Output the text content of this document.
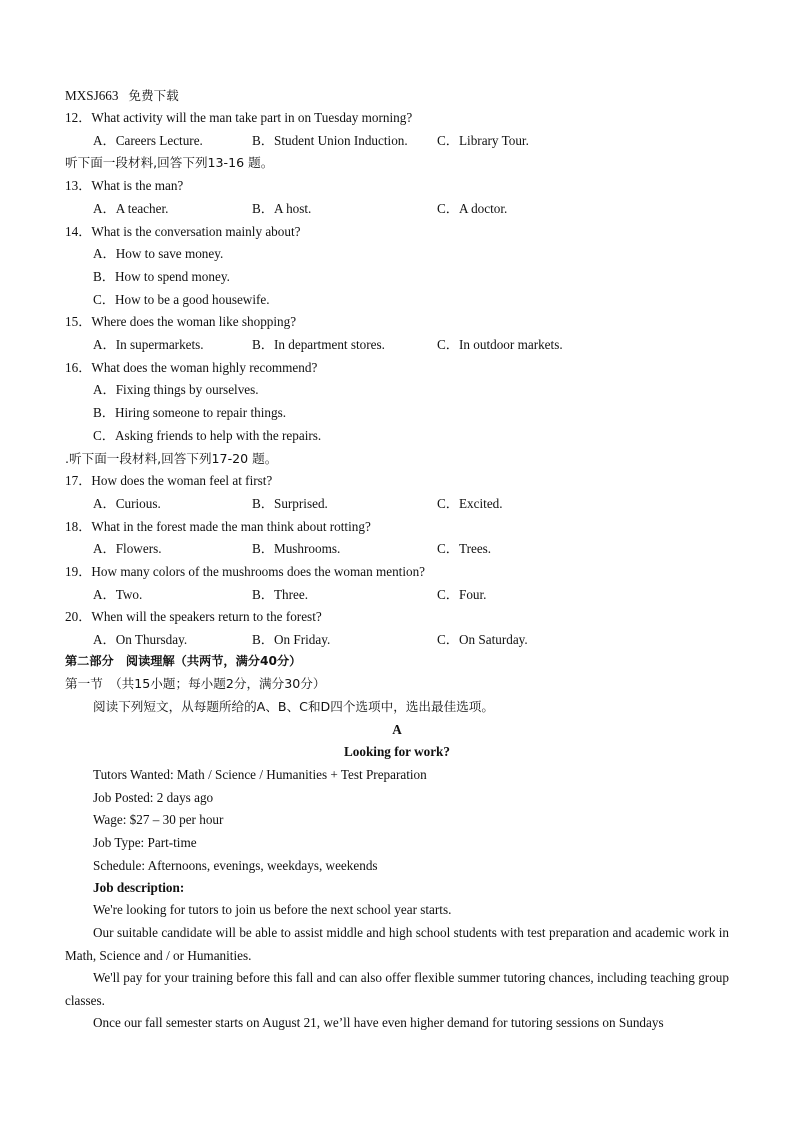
MXSJ663 免费下载
12．What activity will the man take part in on Tuesday morning?
A．Careers Lecture.	B．Student Union Induction. C．Library Tour.
听下面一段材料,回答下列13-16 题。
13．What is the man?
A．A teacher.	B．A host.	C．A doctor.
14．What is the conversation mainly about?
A．How to save money.
B．How to spend money.
C．How to be a good housewife.
15．Where does the woman like shopping?
A．In supermarkets.	B．In department stores.	C．In outdoor markets.
16．What does the woman highly recommend?
A．Fixing things by ourselves.
B．Hiring someone to repair things.
C．Asking friends to help with the repairs.
.听下面一段材料,回答下列17-20 题。
17．How does the woman feel at first?
A．Curious.	B．Surprised.	C．Excited.
18．What in the forest made the man think about rotting?
A．Flowers.	B．Mushrooms.	C．Trees.
19．How many colors of the mushrooms does the woman mention?
A．Two.	B．Three.	C．Four.
20．When will the speakers return to the forest?
A．On Thursday.	B．On Friday.	C．On Saturday.
第二部分　阅读理解（共两节，满分40分）
第一节　（共15小题；每小题2分，满分30分）
阅读下列短文，从每题所给的A、B、C和D四个选项中，选出最佳选项。
A
Looking for work?
Tutors Wanted: Math / Science / Humanities + Test Preparation
Job Posted: 2 days ago
Wage: $27 – 30 per hour
Job Type: Part-time
Schedule: Afternoons, evenings, weekdays, weekends
Job description:
We're looking for tutors to join us before the next school year starts.
Our suitable candidate will be able to assist middle and high school students with test preparation and academic work in Math, Science and / or Humanities.
We'll pay for your training before this fall and can also offer flexible summer tutoring chances, including teaching group classes.
Once our fall semester starts on August 21, we’ll have even higher demand for tutoring sessions on Sundays
